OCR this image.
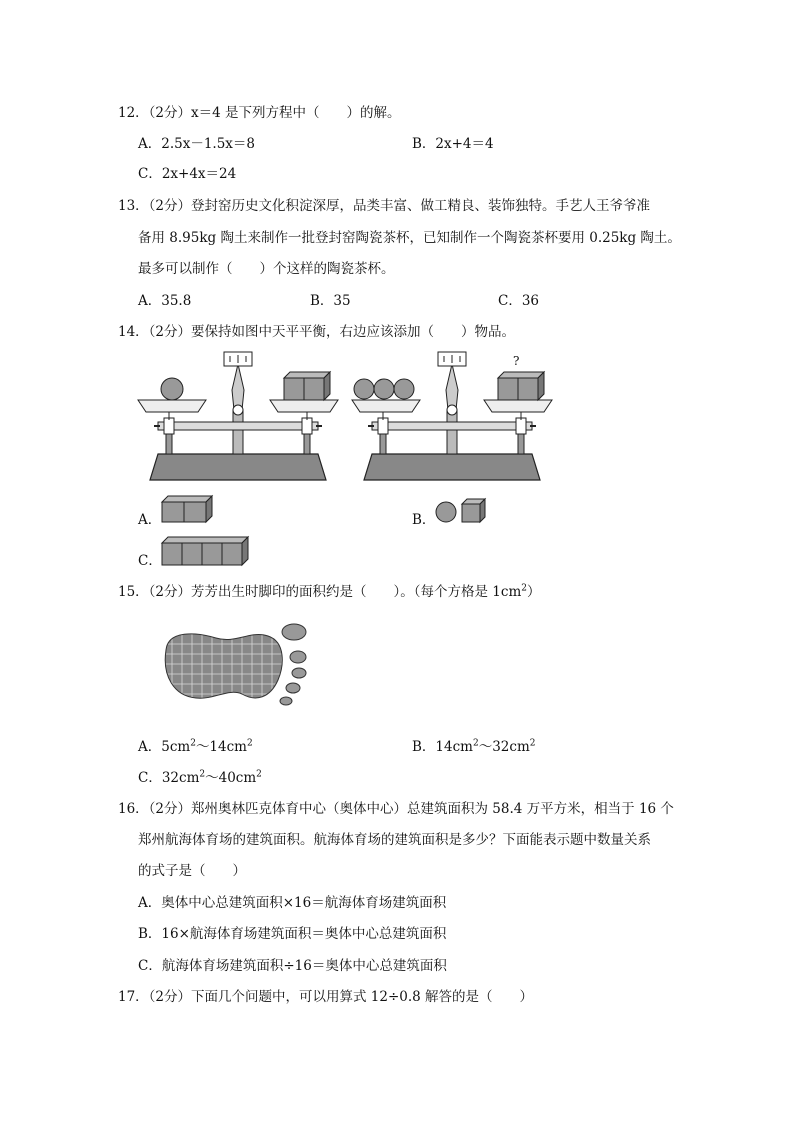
12．（2分）x＝4 是下列方程中（　　）的解。
A．2.5x－1.5x＝8	B．2x+4＝4
C．2x+4x＝24
13．（2分）登封窑历史文化积淀深厚，品类丰富、做工精良、装饰独特。手艺人王爷爷准
备用 8.95kg 陶土来制作一批登封窑陶瓷茶杯，已知制作一个陶瓷茶杯要用 0.25kg 陶土。
最多可以制作（　　）个这样的陶瓷茶杯。
A．35.8	B．35	C．36
14．（2分）要保持如图中天平平衡，右边应该添加（　　）物品。
?
A．	B．
C．
15．（2分）芳芳出生时脚印的面积约是（　　）。（每个方格是 $1cm^2$）
A．$5cm^2\sim 14cm^2$	B．$14cm^2\sim 32cm^2$
C．$32cm^2\sim 40cm^2$
16．（2分）郑州奥林匹克体育中心（奥体中心）总建筑面积为 58.4 万平方米，相当于 16 个
郑州航海体育场的建筑面积。航海体育场的建筑面积是多少？下面能表示题中数量关系
的式子是（　　）
A．奥体中心总建筑面积×16＝航海体育场建筑面积
B．16×航海体育场建筑面积＝奥体中心总建筑面积
C．航海体育场建筑面积÷16＝奥体中心总建筑面积
17．（2分）下面几个问题中，可以用算式 12÷0.8 解答的是（　　）
